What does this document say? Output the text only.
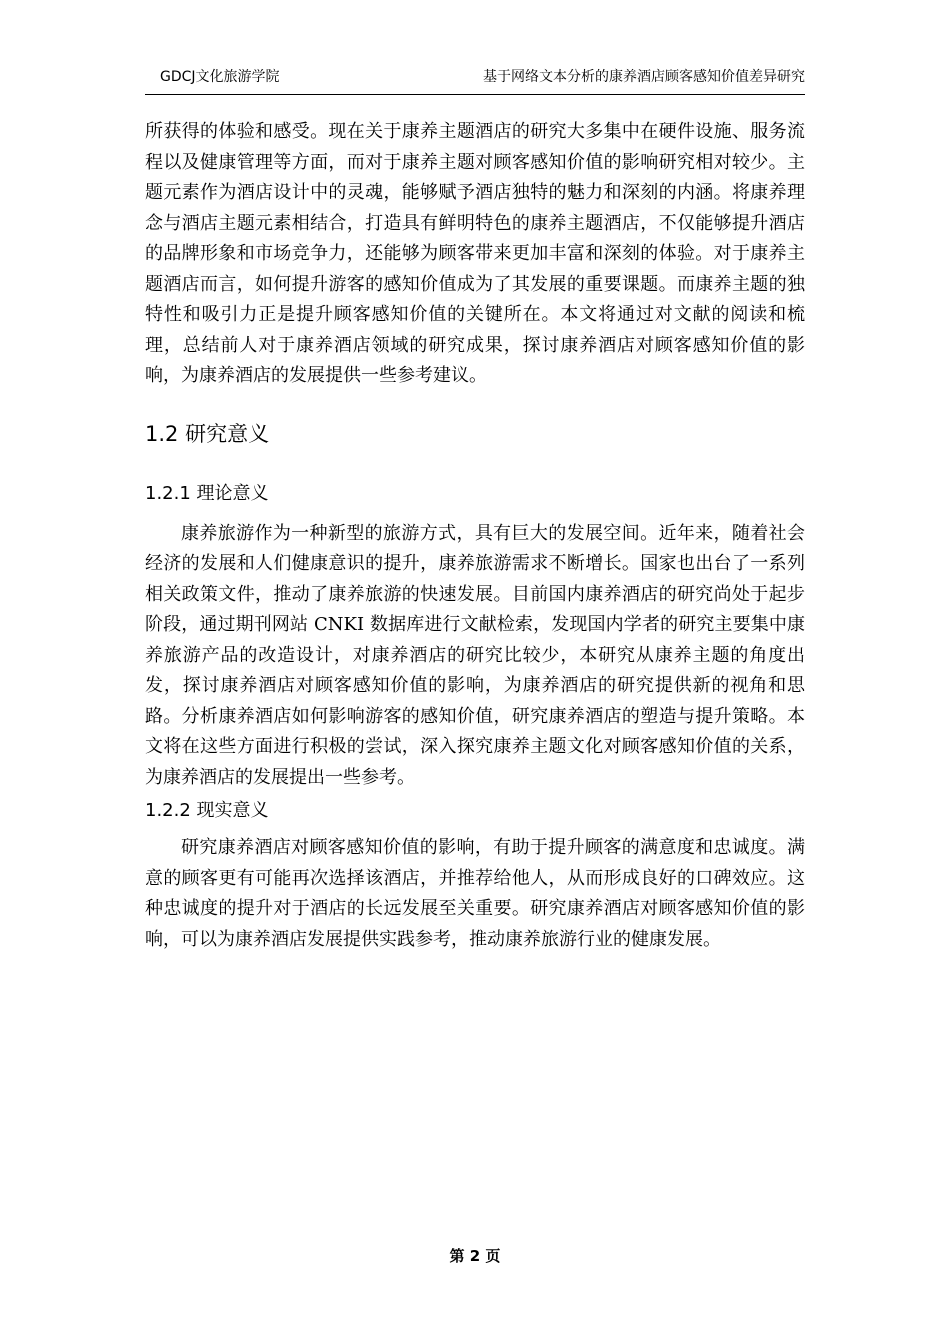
GDCJ文化旅游学院	基于网络文本分析的康养酒店顾客感知价值差异研究

所获得的体验和感受。现在关于康养主题酒店的研究大多集中在硬件设施、服务流程以及健康管理等方面，而对于康养主题对顾客感知价值的影响研究相对较少。主题元素作为酒店设计中的灵魂，能够赋予酒店独特的魅力和深刻的内涵。将康养理念与酒店主题元素相结合，打造具有鲜明特色的康养主题酒店，不仅能够提升酒店的品牌形象和市场竞争力，还能够为顾客带来更加丰富和深刻的体验。对于康养主题酒店而言，如何提升游客的感知价值成为了其发展的重要课题。而康养主题的独特性和吸引力正是提升顾客感知价值的关键所在。本文将通过对文献的阅读和梳理，总结前人对于康养酒店领域的研究成果，探讨康养酒店对顾客感知价值的影响，为康养酒店的发展提供一些参考建议。

1.2 研究意义
1.2.1 理论意义

康养旅游作为一种新型的旅游方式，具有巨大的发展空间。近年来，随着社会经济的发展和人们健康意识的提升，康养旅游需求不断增长。国家也出台了一系列相关政策文件，推动了康养旅游的快速发展。目前国内康养酒店的研究尚处于起步阶段，通过期刊网站 CNKI 数据库进行文献检索，发现国内学者的研究主要集中康养旅游产品的改造设计，对康养酒店的研究比较少，本研究从康养主题的角度出发，探讨康养酒店对顾客感知价值的影响，为康养酒店的研究提供新的视角和思路。分析康养酒店如何影响游客的感知价值，研究康养酒店的塑造与提升策略。本文将在这些方面进行积极的尝试，深入探究康养主题文化对顾客感知价值的关系，为康养酒店的发展提出一些参考。

1.2.2 现实意义

研究康养酒店对顾客感知价值的影响，有助于提升顾客的满意度和忠诚度。满意的顾客更有可能再次选择该酒店，并推荐给他人，从而形成良好的口碑效应。这种忠诚度的提升对于酒店的长远发展至关重要。研究康养酒店对顾客感知价值的影响，可以为康养酒店发展提供实践参考，推动康养旅游行业的健康发展。

第 2 页
